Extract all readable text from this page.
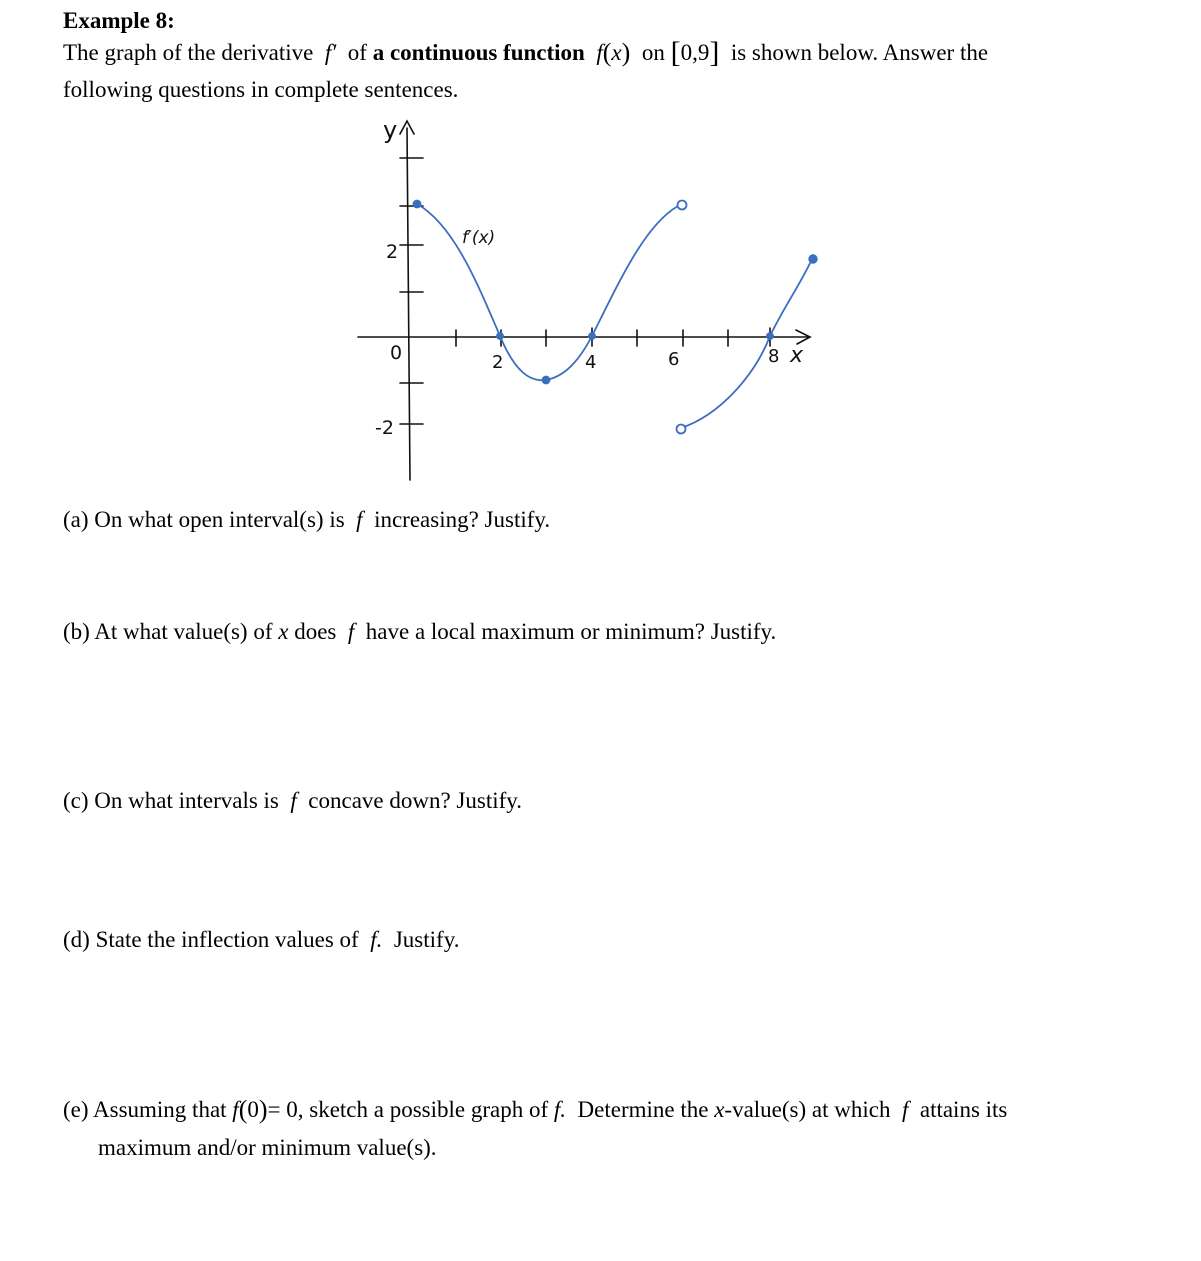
Example 8:
The graph of the derivative f′ of a continuous function f(x) on [0,9] is shown below. Answer the
following questions in complete sentences.
y
x
f′(x)
2
0
-2
2	4	6	8
(a) On what open interval(s) is f increasing? Justify.
(b) At what value(s) of x does f have a local maximum or minimum? Justify.
(c) On what intervals is f concave down? Justify.
(d) State the inflection values of f. Justify.
(e) Assuming that f(0)= 0, sketch a possible graph of f. Determine the x-value(s) at which f attains its
maximum and/or minimum value(s).
